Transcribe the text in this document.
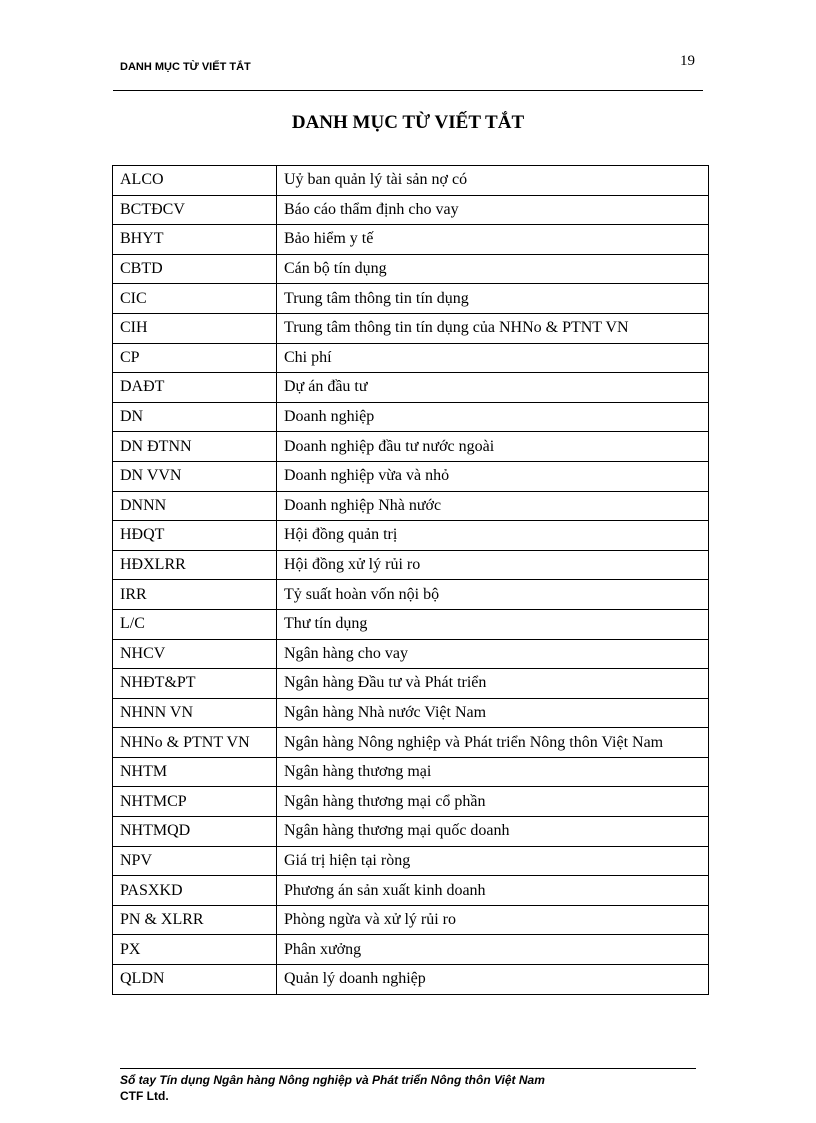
DANH MỤC TỪ VIẾT TẮT	19
DANH MỤC TỪ VIẾT TẮT
ALCO	Uỷ ban quản lý tài sản nợ có
BCTĐCV	Báo cáo thẩm định cho vay
BHYT	Bảo hiểm y tế
CBTD	Cán bộ tín dụng
CIC	Trung tâm thông tin tín dụng
CIH	Trung tâm thông tin tín dụng của NHNo & PTNT VN
CP	Chi phí
DAĐT	Dự án đầu tư
DN	Doanh nghiệp
DN ĐTNN	Doanh nghiệp đầu tư nước ngoài
DN VVN	Doanh nghiệp vừa và nhỏ
DNNN	Doanh nghiệp Nhà nước
HĐQT	Hội đồng quản trị
HĐXLRR	Hội đồng xử lý rủi ro
IRR	Tỷ suất hoàn vốn nội bộ
L/C	Thư tín dụng
NHCV	Ngân hàng cho vay
NHĐT&PT	Ngân hàng Đầu tư và Phát triển
NHNN VN	Ngân hàng Nhà nước Việt Nam
NHNo & PTNT VN	Ngân hàng Nông nghiệp và Phát triển Nông thôn Việt Nam
NHTM	Ngân hàng thương mại
NHTMCP	Ngân hàng thương mại cổ phần
NHTMQD	Ngân hàng thương mại quốc doanh
NPV	Giá trị hiện tại ròng
PASXKD	Phương án sản xuất kinh doanh
PN & XLRR	Phòng ngừa và xử lý rủi ro
PX	Phân xưởng
QLDN	Quản lý doanh nghiệp
Sổ tay Tín dụng Ngân hàng Nông nghiệp và Phát triển Nông thôn Việt Nam
CTF Ltd.
